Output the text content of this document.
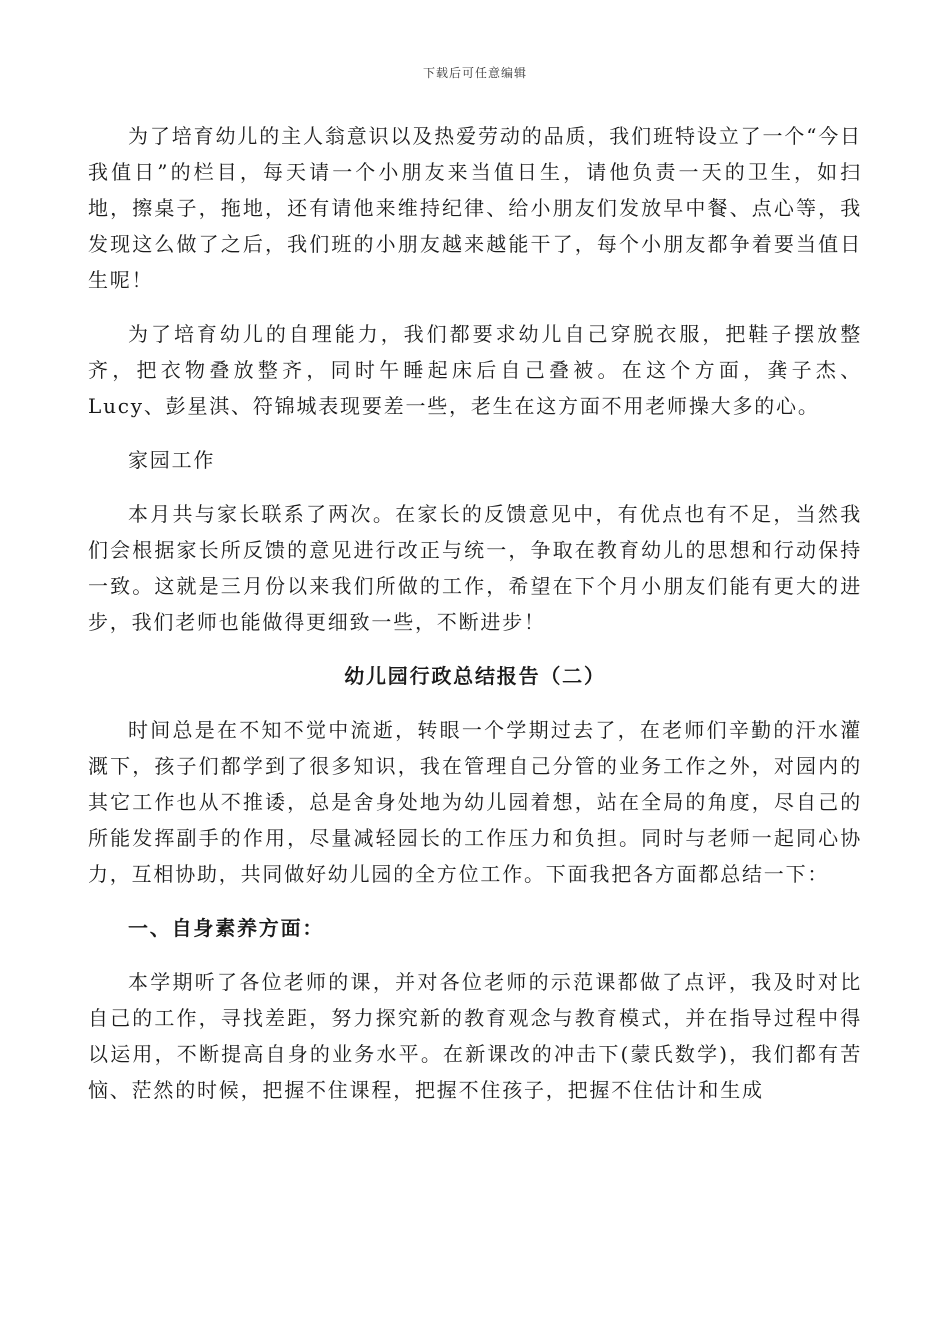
下载后可任意编辑

为了培育幼儿的主人翁意识以及热爱劳动的品质，我们班特设立了一个“今日我值日”的栏目，每天请一个小朋友来当值日生，请他负责一天的卫生，如扫地，擦桌子，拖地，还有请他来维持纪律、给小朋友们发放早中餐、点心等，我发现这么做了之后，我们班的小朋友越来越能干了，每个小朋友都争着要当值日生呢！

为了培育幼儿的自理能力，我们都要求幼儿自己穿脱衣服，把鞋子摆放整齐，把衣物叠放整齐，同时午睡起床后自己叠被。在这个方面，龚子杰、Lucy、彭星淇、符锦城表现要差一些，老生在这方面不用老师操大多的心。

家园工作

本月共与家长联系了两次。在家长的反馈意见中，有优点也有不足，当然我们会根据家长所反馈的意见进行改正与统一，争取在教育幼儿的思想和行动保持一致。这就是三月份以来我们所做的工作，希望在下个月小朋友们能有更大的进步，我们老师也能做得更细致一些，不断进步！

幼儿园行政总结报告（二）

时间总是在不知不觉中流逝，转眼一个学期过去了，在老师们辛勤的汗水灌溉下，孩子们都学到了很多知识，我在管理自己分管的业务工作之外，对园内的其它工作也从不推诿，总是舍身处地为幼儿园着想，站在全局的角度，尽自己的所能发挥副手的作用，尽量减轻园长的工作压力和负担。同时与老师一起同心协力，互相协助，共同做好幼儿园的全方位工作。下面我把各方面都总结一下：

一、自身素养方面：

本学期听了各位老师的课，并对各位老师的示范课都做了点评，我及时对比自己的工作，寻找差距，努力探究新的教育观念与教育模式，并在指导过程中得以运用，不断提高自身的业务水平。在新课改的冲击下(蒙氏数学)，我们都有苦恼、茫然的时候，把握不住课程，把握不住孩子，把握不住估计和生成
